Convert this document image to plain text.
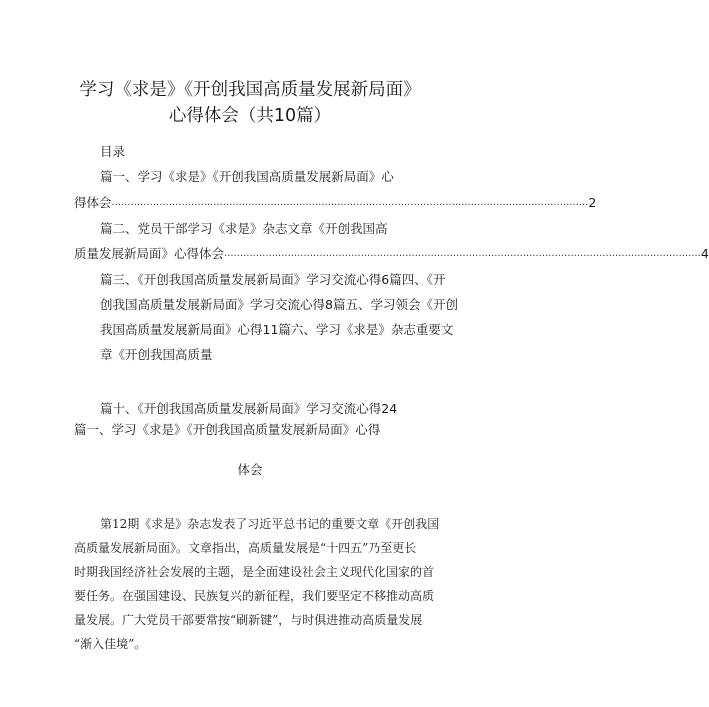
学习《求是》《开创我国高质量发展新局面》
心得体会（共10篇）
目录
篇一、学习《求是》《开创我国高质量发展新局面》心
得体会 ...................................................................................................................................................... 2
篇二、党员干部学习《求是》杂志文章《开创我国高
质量发展新局面》心得体会 ...................................................................................................................................................... 4
篇三、《开创我国高质量发展新局面》学习交流心得6篇四、《开
创我国高质量发展新局面》学习交流心得8篇五、学习领会《开创
我国高质量发展新局面》心得11篇六、学习《求是》杂志重要文
章《开创我国高质量
篇十、《开创我国高质量发展新局面》学习交流心得24
篇一、学习《求是》《开创我国高质量发展新局面》心得
体会
第12期《求是》杂志发表了习近平总书记的重要文章《开创我国
高质量发展新局面》。文章指出，高质量发展是“十四五”乃至更长
时期我国经济社会发展的主题，是全面建设社会主义现代化国家的首
要任务。在强国建设、民族复兴的新征程，我们要坚定不移推动高质
量发展。广大党员干部要常按“刷新键”，与时俱进推动高质量发展
“渐入佳境”。
